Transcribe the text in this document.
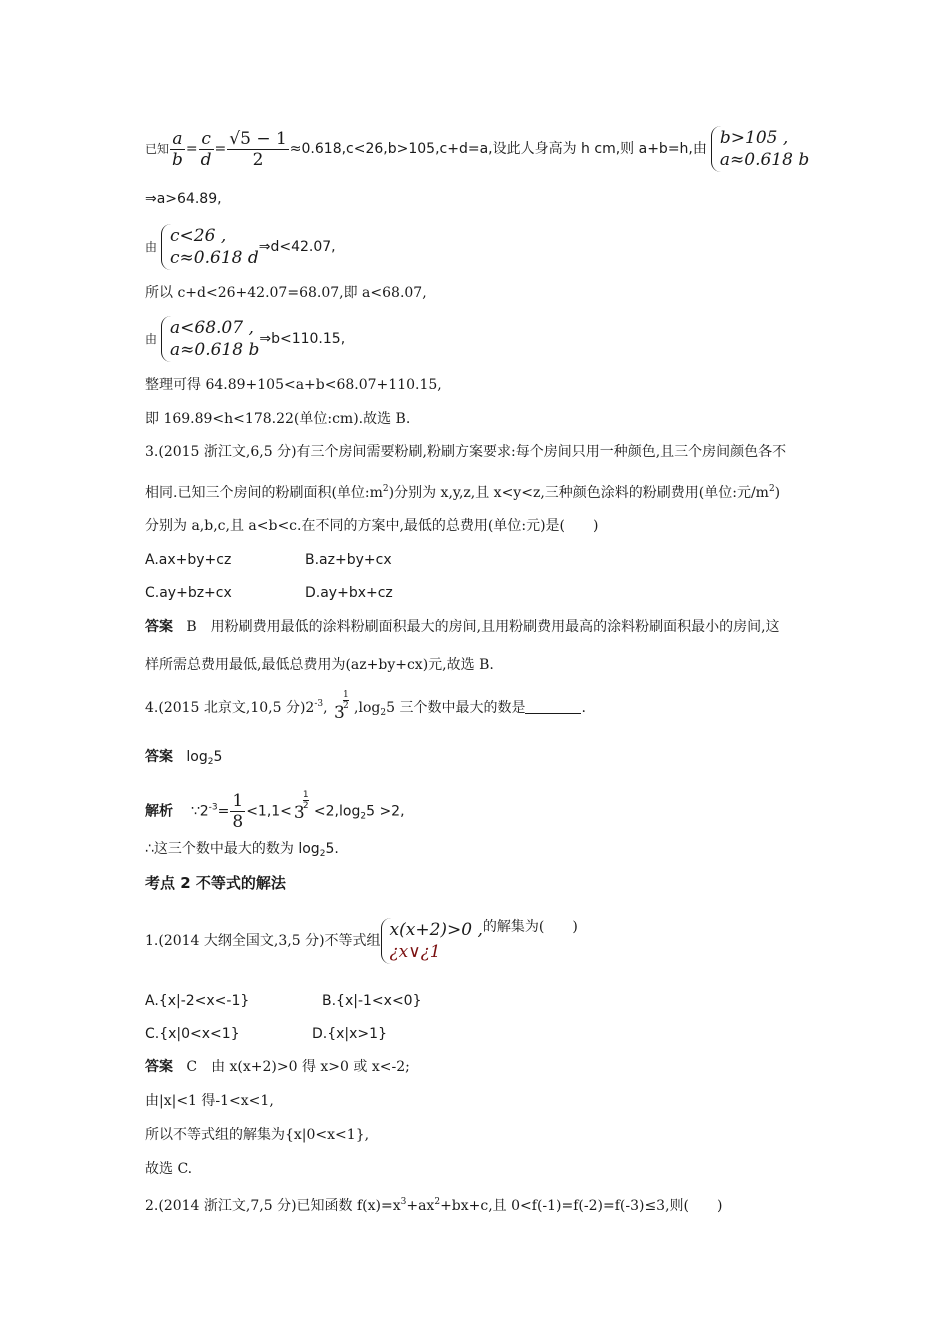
已知 $\frac{a}{b} = \frac{c}{d} = \frac{√5 - 1}{2} \approx 0.618,c<26,b>105,c+d=a$,设此人身高为 h cm,则 a+b=h,由
b>105 ,
a≈0.618 b
⇒a>64.89,
由
c<26 ,
c≈0.618 d
⇒d<42.07,
所以 c+d<26+42.07=68.07,即 a<68.07,
由
a<68.07 ,
a≈0.618 b
⇒b<110.15,
整理可得 64.89+105<a+b<68.07+110.15,
即 169.89<h<178.22(单位:cm).故选 B.
3.(2015 浙江文,6,5 分)有三个房间需要粉刷,粉刷方案要求:每个房间只用一种颜色,且三个房间颜色各不
相同.已知三个房间的粉刷面积(单位$:m^2$)分别为 x,y,z,且 x<y<z,三种颜色涂料的粉刷费用(单位:元$/m^2$)
分别为 a,b,c,且 a<b<c.在不同的方案中,最低的总费用(单位:元)是(　　)
A.ax+by+cz	B.az+by+cx
C.ay+bz+cx	D.ay+bx+cz
答案 B　用粉刷费用最低的涂料粉刷面积最大的房间,且用粉刷费用最高的涂料粉刷面积最小的房间,这
样所需总费用最低,最低总费用为(az+by+cx)元,故选 B.
4.(2015 北京文,10,5 分)$2^{-3}$, 3
1
2 $,\log_25$ 三个数中最大的数是	.
答案 $\log_25$
解析 $\because 2^{-3}= \frac{1}{8} <1,1< 3$
1
$2 <2,\log_25 >2$,
∴这三个数中最大的数为 $\log_25$.
考点 2 不等式的解法
1.(2014 大纲全国文,3,5 分)不等式组
x(x+2)>0 ,
¿x∨¿1
的解集为(　　)
A.{x|-2<x<-1}	B.{x|-1<x<0}
C.{x|0<x<1}	D.{x|x>1}
答案 C　由 x(x+2)>0 得 x>0 或 x<-2;
由|x|<1 得-1<x<1,
所以不等式组的解集为{x|0<x<1},
故选 C.
2.(2014 浙江文,7,5 分)已知函数 $f(x)=x^3+ax^2+bx+c$,且 0<f(-1)=f(-2)=f(-3)≤3,则(　　)
